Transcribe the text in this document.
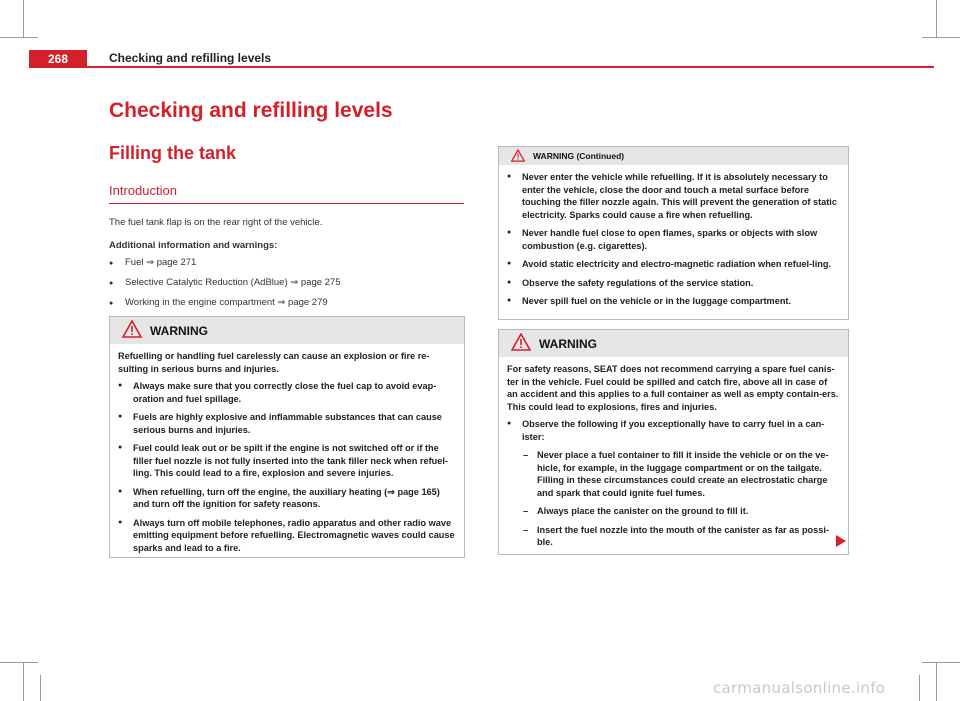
268	Checking and refilling levels
Checking and refilling levels
Filling the tank
Introduction
The fuel tank flap is on the rear right of the vehicle.
Additional information and warnings:
● Fuel ⇒ page 271
● Selective Catalytic Reduction (AdBlue) ⇒ page 275
● Working in the engine compartment ⇒ page 279
WARNING

Refuelling or handling fuel carelessly can cause an explosion or fire re-sulting in serious burns and injuries.

● Always make sure that you correctly close the fuel cap to avoid evap-oration and fuel spillage.
● Fuels are highly explosive and inflammable substances that can cause serious burns and injuries.
● Fuel could leak out or be spilt if the engine is not switched off or if the filler fuel nozzle is not fully inserted into the tank filler neck when refuel-ling. This could lead to a fire, explosion and severe injuries.
● When refuelling, turn off the engine, the auxiliary heating (⇒ page 165) and turn off the ignition for safety reasons.
● Always turn off mobile telephones, radio apparatus and other radio wave emitting equipment before refuelling. Electromagnetic waves could cause sparks and lead to a fire.
WARNING (Continued)
● Never enter the vehicle while refuelling. If it is absolutely necessary to enter the vehicle, close the door and touch a metal surface before touching the filler nozzle again. This will prevent the generation of static electricity. Sparks could cause a fire when refuelling.
● Never handle fuel close to open flames, sparks or objects with slow combustion (e.g. cigarettes).
● Avoid static electricity and electro-magnetic radiation when refuel-ling.
● Observe the safety regulations of the service station.
● Never spill fuel on the vehicle or in the luggage compartment.
WARNING

For safety reasons, SEAT does not recommend carrying a spare fuel canis-ter in the vehicle. Fuel could be spilled and catch fire, above all in case of an accident and this applies to a full container as well as empty contain-ers. This could lead to explosions, fires and injuries.

● Observe the following if you exceptionally have to carry fuel in a can-ister:
– Never place a fuel container to fill it inside the vehicle or on the ve-hicle, for example, in the luggage compartment or on the tailgate. Filling in these circumstances could create an electrostatic charge and spark that could ignite fuel fumes.
– Always place the canister on the ground to fill it.
– Insert the fuel nozzle into the mouth of the canister as far as possi-ble.
carmanualsonline.info
